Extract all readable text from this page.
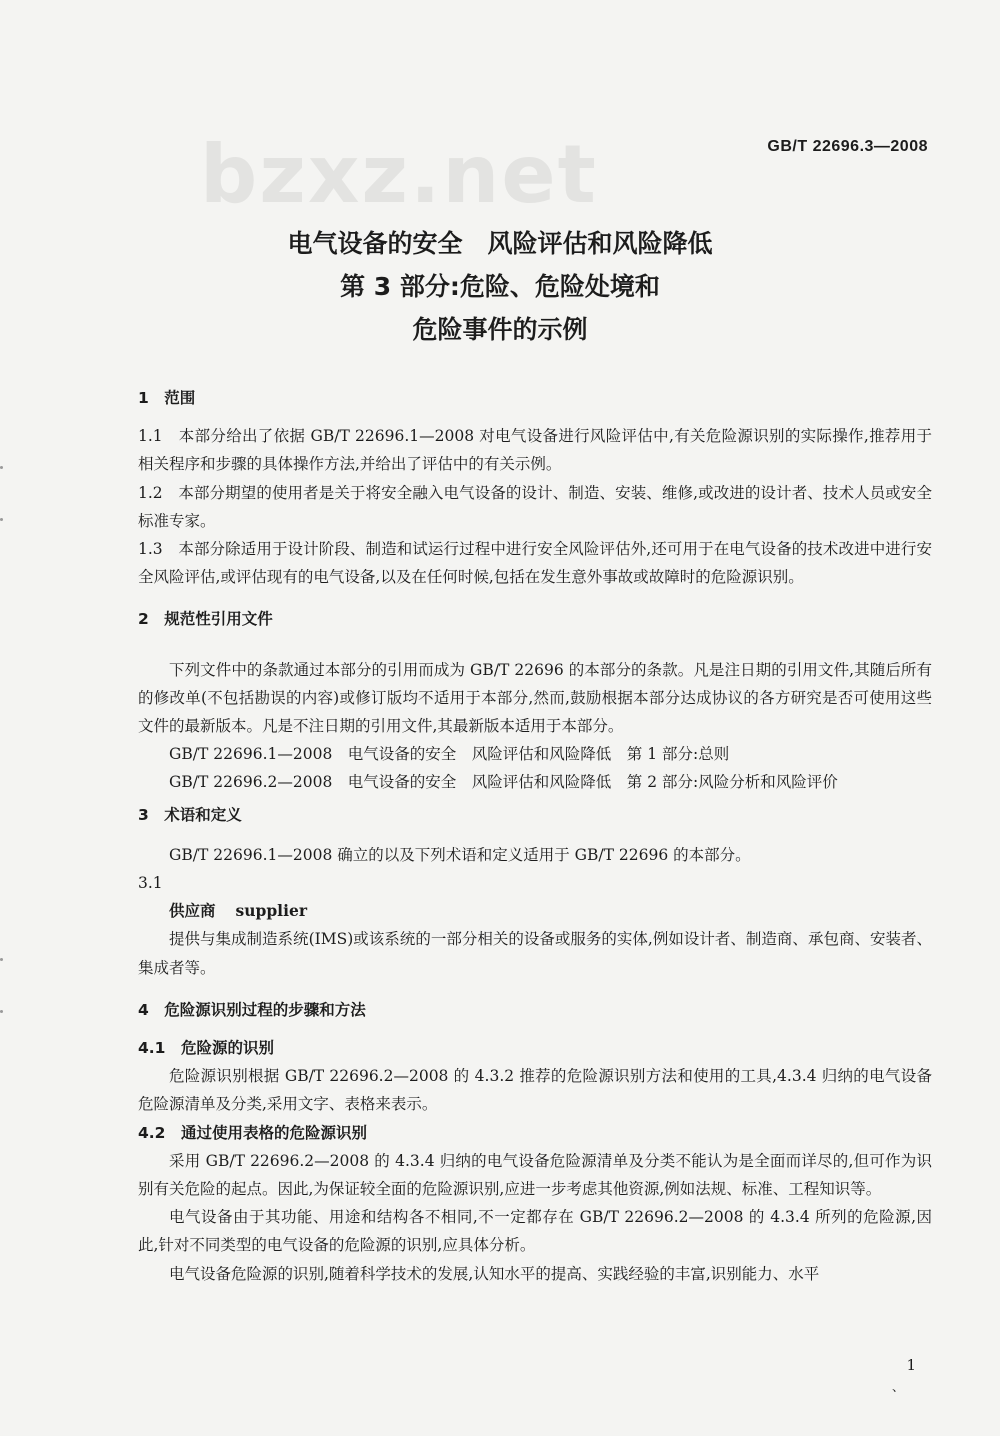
bzxz.net	GB/T 22696.3—2008
电气设备的安全　风险评估和风险降低
第 3 部分:危险、危险处境和
危险事件的示例
1　范围

1.1　 本部分给出了依据 GB/T 22696.1—2008 对电气设备进行风险评估中,有关危险源识别的实际操作,推荐用于相关程序和步骤的具体操作方法,并给出了评估中的有关示例。

1.2　 本部分期望的使用者是关于将安全融入电气设备的设计、制造、安装、维修,或改进的设计者、技术人员或安全标准专家。

1.3　 本部分除适用于设计阶段、制造和试运行过程中进行安全风险评估外,还可用于在电气设备的技术改进中进行安全风险评估,或评估现有的电气设备,以及在任何时候,包括在发生意外事故或故障时的危险源识别。

2　规范性引用文件

下列文件中的条款通过本部分的引用而成为 GB/T 22696 的本部分的条款。凡是注日期的引用文件,其随后所有的修改单(不包括勘误的内容)或修订版均不适用于本部分,然而,鼓励根据本部分达成协议的各方研究是否可使用这些文件的最新版本。凡是不注日期的引用文件,其最新版本适用于本部分。

GB/T 22696.1—2008　电气设备的安全　风险评估和风险降低　第 1 部分:总则

GB/T 22696.2—2008　电气设备的安全　风险评估和风险降低　第 2 部分:风险分析和风险评价

3　术语和定义

GB/T 22696.1—2008 确立的以及下列术语和定义适用于 GB/T 22696 的本部分。

3.1

供应商 supplier

提供与集成制造系统(IMS)或该系统的一部分相关的设备或服务的实体,例如设计者、制造商、承包商、安装者、集成者等。

4　危险源识别过程的步骤和方法
4.1　危险源的识别

危险源识别根据 GB/T 22696.2—2008 的 4.3.2 推荐的危险源识别方法和使用的工具,4.3.4 归纳的电气设备危险源清单及分类,采用文字、表格来表示。

4.2　通过使用表格的危险源识别

采用 GB/T 22696.2—2008 的 4.3.4 归纳的电气设备危险源清单及分类不能认为是全面而详尽的,但可作为识别有关危险的起点。因此,为保证较全面的危险源识别,应进一步考虑其他资源,例如法规、标准、工程知识等。

电气设备由于其功能、用途和结构各不相同,不一定都存在 GB/T 22696.2—2008 的 4.3.4 所列的危险源,因此,针对不同类型的电气设备的危险源的识别,应具体分析。

电气设备危险源的识别,随着科学技术的发展,认知水平的提高、实践经验的丰富,识别能力、水平

1
、
